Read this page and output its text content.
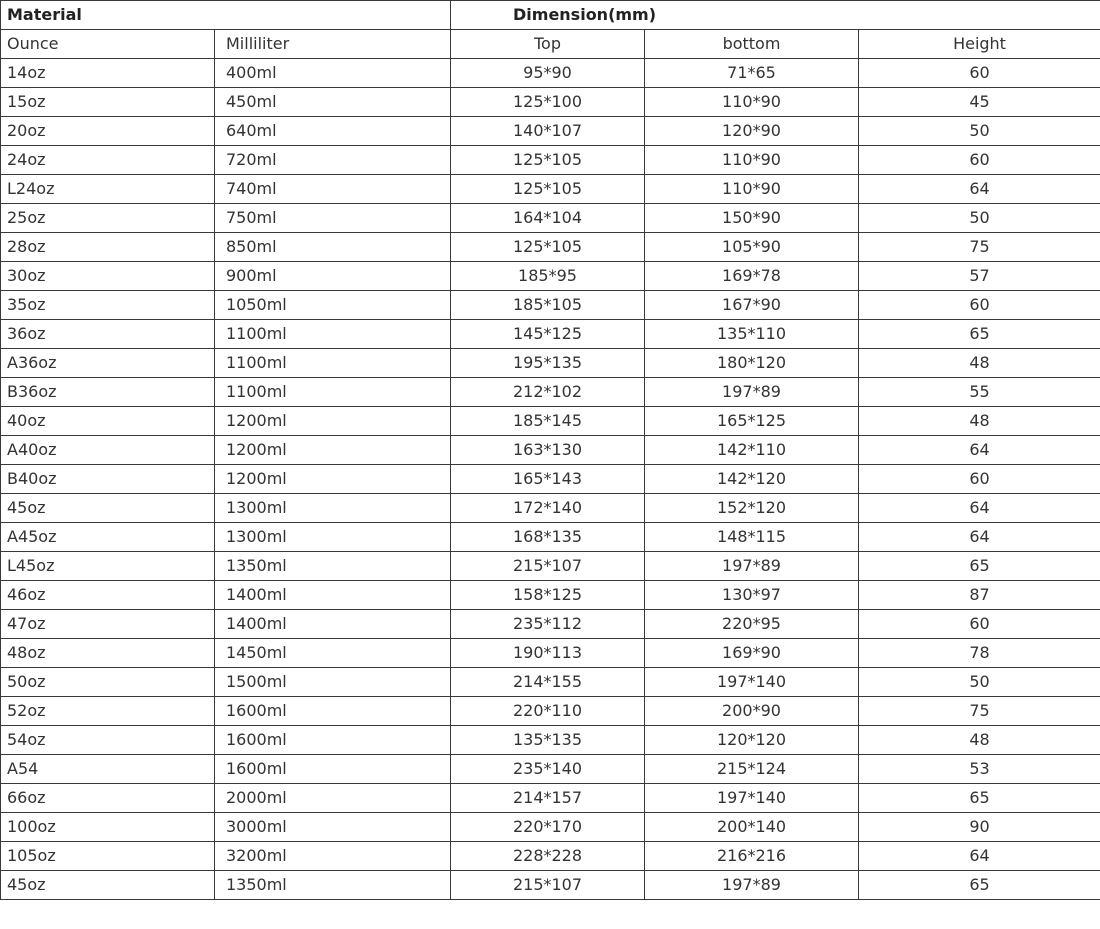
Material		Dimension(mm)		
Ounce	Milliliter	Top	bottom	Height
14oz	400ml	95*90	71*65	60
15oz	450ml	125*100	110*90	45
20oz	640ml	140*107	120*90	50
24oz	720ml	125*105	110*90	60
L24oz	740ml	125*105	110*90	64
25oz	750ml	164*104	150*90	50
28oz	850ml	125*105	105*90	75
30oz	900ml	185*95	169*78	57
35oz	1050ml	185*105	167*90	60
36oz	1100ml	145*125	135*110	65
A36oz	1100ml	195*135	180*120	48
B36oz	1100ml	212*102	197*89	55
40oz	1200ml	185*145	165*125	48
A40oz	1200ml	163*130	142*110	64
B40oz	1200ml	165*143	142*120	60
45oz	1300ml	172*140	152*120	64
A45oz	1300ml	168*135	148*115	64
L45oz	1350ml	215*107	197*89	65
46oz	1400ml	158*125	130*97	87
47oz	1400ml	235*112	220*95	60
48oz	1450ml	190*113	169*90	78
50oz	1500ml	214*155	197*140	50
52oz	1600ml	220*110	200*90	75
54oz	1600ml	135*135	120*120	48
A54	1600ml	235*140	215*124	53
66oz	2000ml	214*157	197*140	65
100oz	3000ml	220*170	200*140	90
105oz	3200ml	228*228	216*216	64
45oz	1350ml	215*107	197*89	65
